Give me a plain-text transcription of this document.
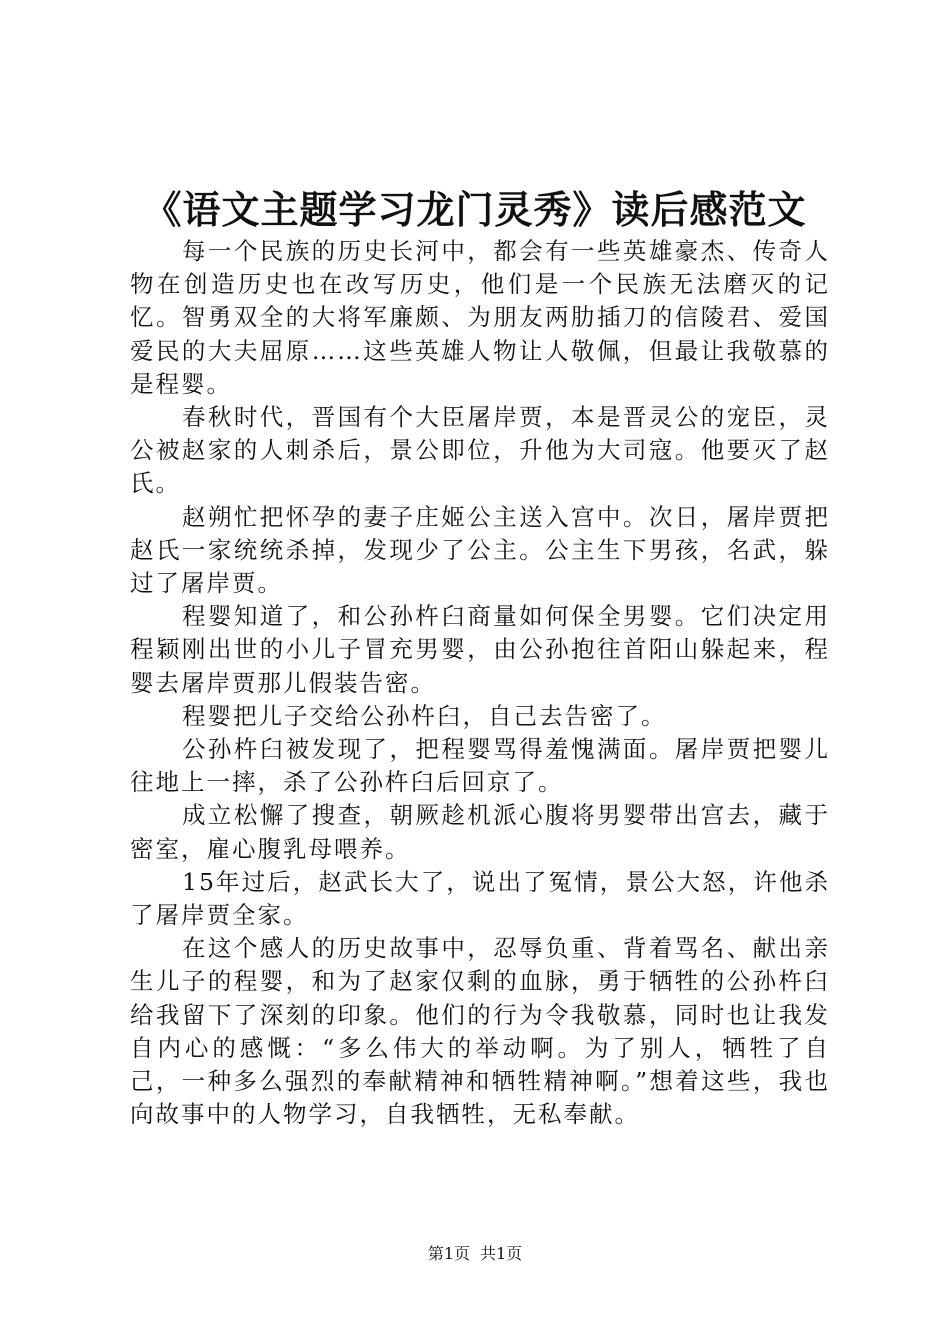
《语文主题学习龙门灵秀》读后感范文

每一个民族的历史长河中，都会有一些英雄豪杰、传奇人物在创造历史也在改写历史，他们是一个民族无法磨灭的记忆。智勇双全的大将军廉颇、为朋友两肋插刀的信陵君、爱国爱民的大夫屈原……这些英雄人物让人敬佩，但最让我敬慕的是程婴。

春秋时代，晋国有个大臣屠岸贾，本是晋灵公的宠臣，灵公被赵家的人刺杀后，景公即位，升他为大司寇。他要灭了赵氏。

赵朔忙把怀孕的妻子庄姬公主送入宫中。次日，屠岸贾把赵氏一家统统杀掉，发现少了公主。公主生下男孩，名武，躲过了屠岸贾。

程婴知道了，和公孙杵臼商量如何保全男婴。它们决定用程颖刚出世的小儿子冒充男婴，由公孙抱往首阳山躲起来，程婴去屠岸贾那儿假装告密。

程婴把儿子交给公孙杵臼，自己去告密了。

公孙杵臼被发现了，把程婴骂得羞愧满面。屠岸贾把婴儿往地上一摔，杀了公孙杵臼后回京了。

成立松懈了搜查，朝厥趁机派心腹将男婴带出宫去，藏于密室，雇心腹乳母喂养。

15年过后，赵武长大了，说出了冤情，景公大怒，许他杀了屠岸贾全家。

在这个感人的历史故事中，忍辱负重、背着骂名、献出亲生儿子的程婴，和为了赵家仅剩的血脉，勇于牺牲的公孙杵臼给我留下了深刻的印象。他们的行为令我敬慕，同时也让我发自内心的感慨：“多么伟大的举动啊。为了别人，牺牲了自己，一种多么强烈的奉献精神和牺牲精神啊。”想着这些，我也向故事中的人物学习，自我牺牲，无私奉献。

第1页 共1页
